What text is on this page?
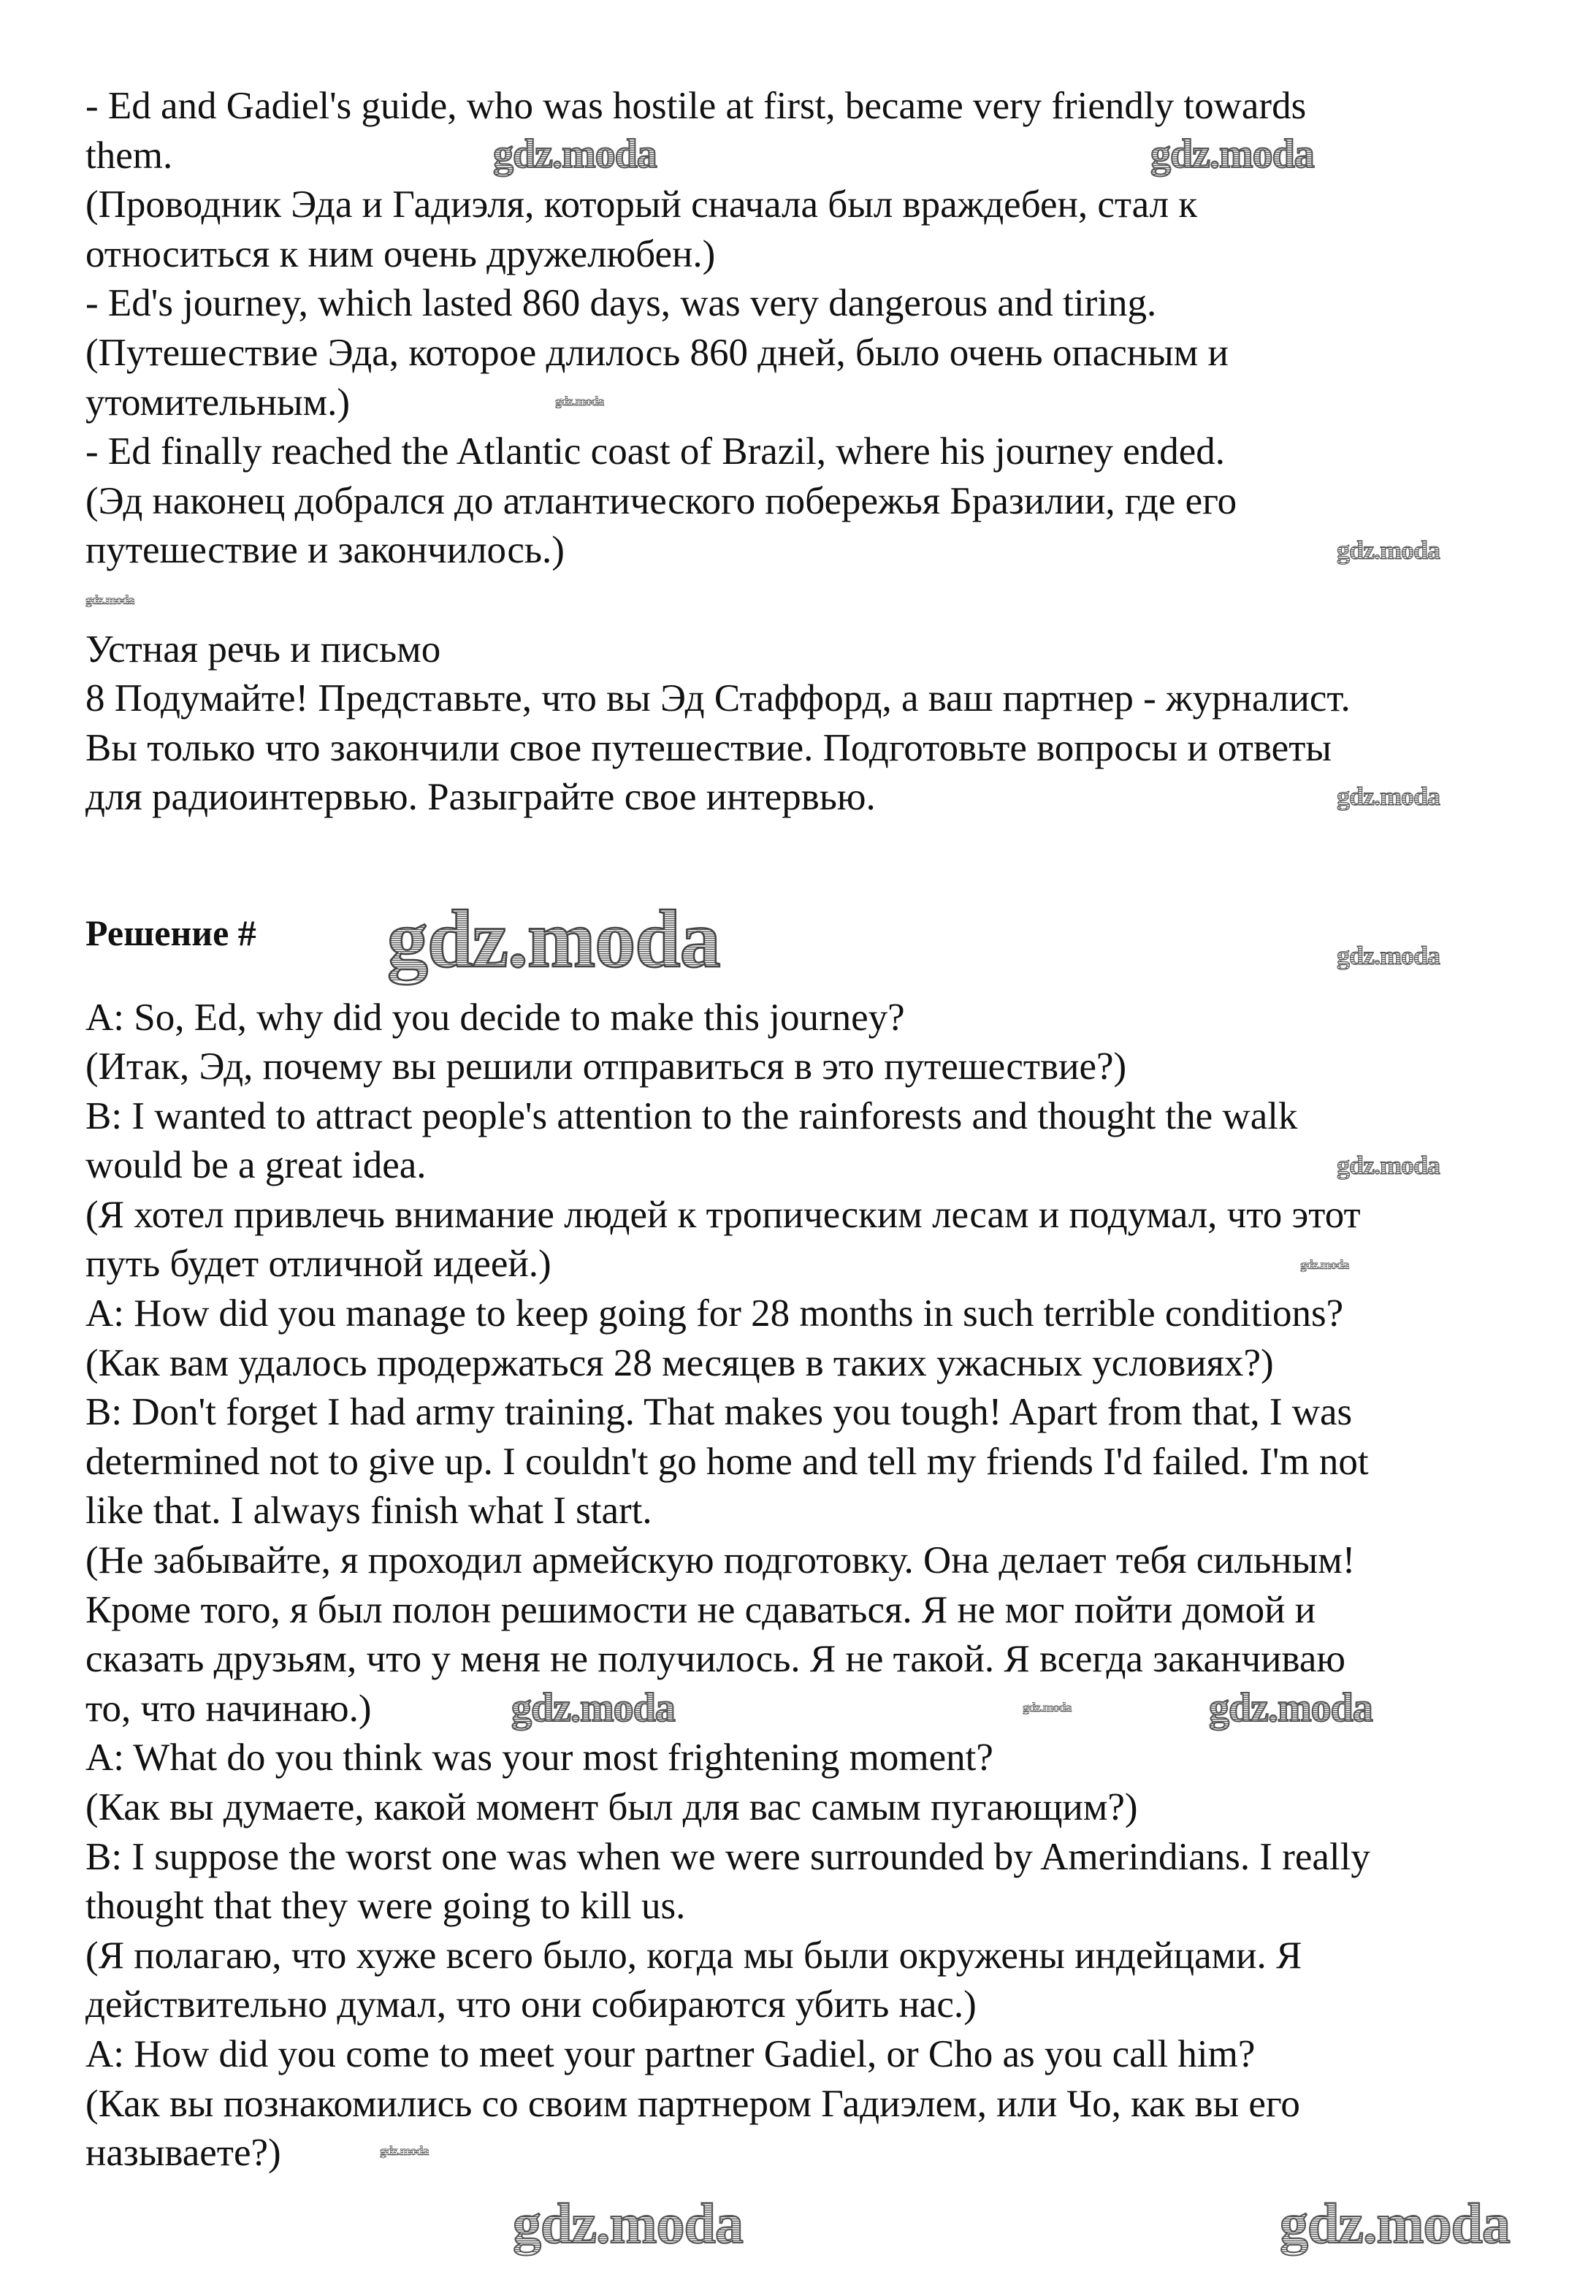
- Ed and Gadiel's guide, who was hostile at first, became very friendly towards
them.
(Проводник Эда и Гадиэля, который сначала был враждебен, стал к
относиться к ним очень дружелюбен.)
- Ed's journey, which lasted 860 days, was very dangerous and tiring.
(Путешествие Эда, которое длилось 860 дней, было очень опасным и
утомительным.)
- Ed finally reached the Atlantic coast of Brazil, where his journey ended.
(Эд наконец добрался до атлантического побережья Бразилии, где его
путешествие и закончилось.)
Устная речь и письмо
8 Подумайте! Представьте, что вы Эд Стаффорд, а ваш партнер - журналист.
Вы только что закончили свое путешествие. Подготовьте вопросы и ответы
для радиоинтервью. Разыграйте свое интервью.
Решение #
A: So, Ed, why did you decide to make this journey?
(Итак, Эд, почему вы решили отправиться в это путешествие?)
B: I wanted to attract people's attention to the rainforests and thought the walk
would be a great idea.
(Я хотел привлечь внимание людей к тропическим лесам и подумал, что этот
путь будет отличной идеей.)
A: How did you manage to keep going for 28 months in such terrible conditions?
(Как вам удалось продержаться 28 месяцев в таких ужасных условиях?)
B: Don't forget I had army training. That makes you tough! Apart from that, I was
determined not to give up. I couldn't go home and tell my friends I'd failed. I'm not
like that. I always finish what I start.
(Не забывайте, я проходил армейскую подготовку. Она делает тебя сильным!
Кроме того, я был полон решимости не сдаваться. Я не мог пойти домой и
сказать друзьям, что у меня не получилось. Я не такой. Я всегда заканчиваю
то, что начинаю.)
A: What do you think was your most frightening moment?
(Как вы думаете, какой момент был для вас самым пугающим?)
B: I suppose the worst one was when we were surrounded by Amerindians. I really
thought that they were going to kill us.
(Я полагаю, что хуже всего было, когда мы были окружены индейцами. Я
действительно думал, что они собираются убить нас.)
A: How did you come to meet your partner Gadiel, or Cho as you call him?
(Как вы познакомились со своим партнером Гадиэлем, или Чо, как вы его
называете?)
gdz.moda	gdz.moda
gdz.moda
gdz.moda
gdz.moda
gdz.moda
gdz.moda	gdz.moda
gdz.moda
gdz.moda
gdz.moda
gdz.moda	gdz.moda
gdz.moda
gdz.moda	gdz.moda
